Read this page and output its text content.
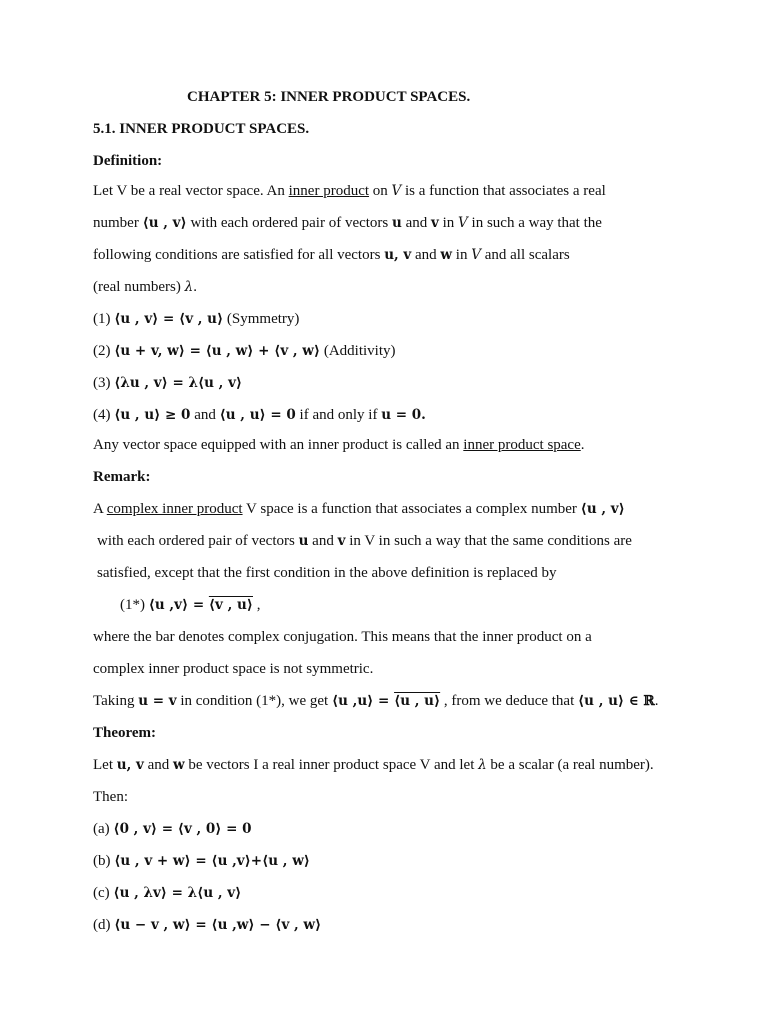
CHAPTER 5: INNER PRODUCT SPACES.
5.1. INNER PRODUCT SPACES.
Definition:
Let V be a real vector space. An inner product on V is a function that associates a real
number ⟨u , v⟩ with each ordered pair of vectors u and v in V in such a way that the
following conditions are satisfied for all vectors u, v and w in V and all scalars
(real numbers) λ.
(1) ⟨u , v⟩ = ⟨v , u⟩ (Symmetry)
(2) ⟨u + v, w⟩ = ⟨u , w⟩ + ⟨v , w⟩ (Additivity)
(3) ⟨λu , v⟩ = λ⟨u , v⟩
(4) ⟨u , u⟩ ≥ 0 and ⟨u , u⟩ = 0 if and only if u = 0.
Any vector space equipped with an inner product is called an inner product space.
Remark:
A complex inner product V space is a function that associates a complex number ⟨u , v⟩
with each ordered pair of vectors u and v in V in such a way that the same conditions are
satisfied, except that the first condition in the above definition is replaced by
(1*) ⟨u ,v⟩ = ⟨v , u⟩ ,
where the bar denotes complex conjugation. This means that the inner product on a
complex inner product space is not symmetric.
Taking u = v in condition (1*), we get ⟨u ,u⟩ = ⟨u , u⟩ , from we deduce that ⟨u , u⟩ ∈ ℝ.
Theorem:
Let u, v and w be vectors I a real inner product space V and let λ be a scalar (a real number).
Then:
(a) ⟨0 , v⟩ = ⟨v , 0⟩ = 0
(b) ⟨u , v + w⟩ = ⟨u ,v⟩+⟨u , w⟩
(c) ⟨u , λv⟩ = λ⟨u , v⟩
(d) ⟨u − v , w⟩ = ⟨u ,w⟩ − ⟨v , w⟩
